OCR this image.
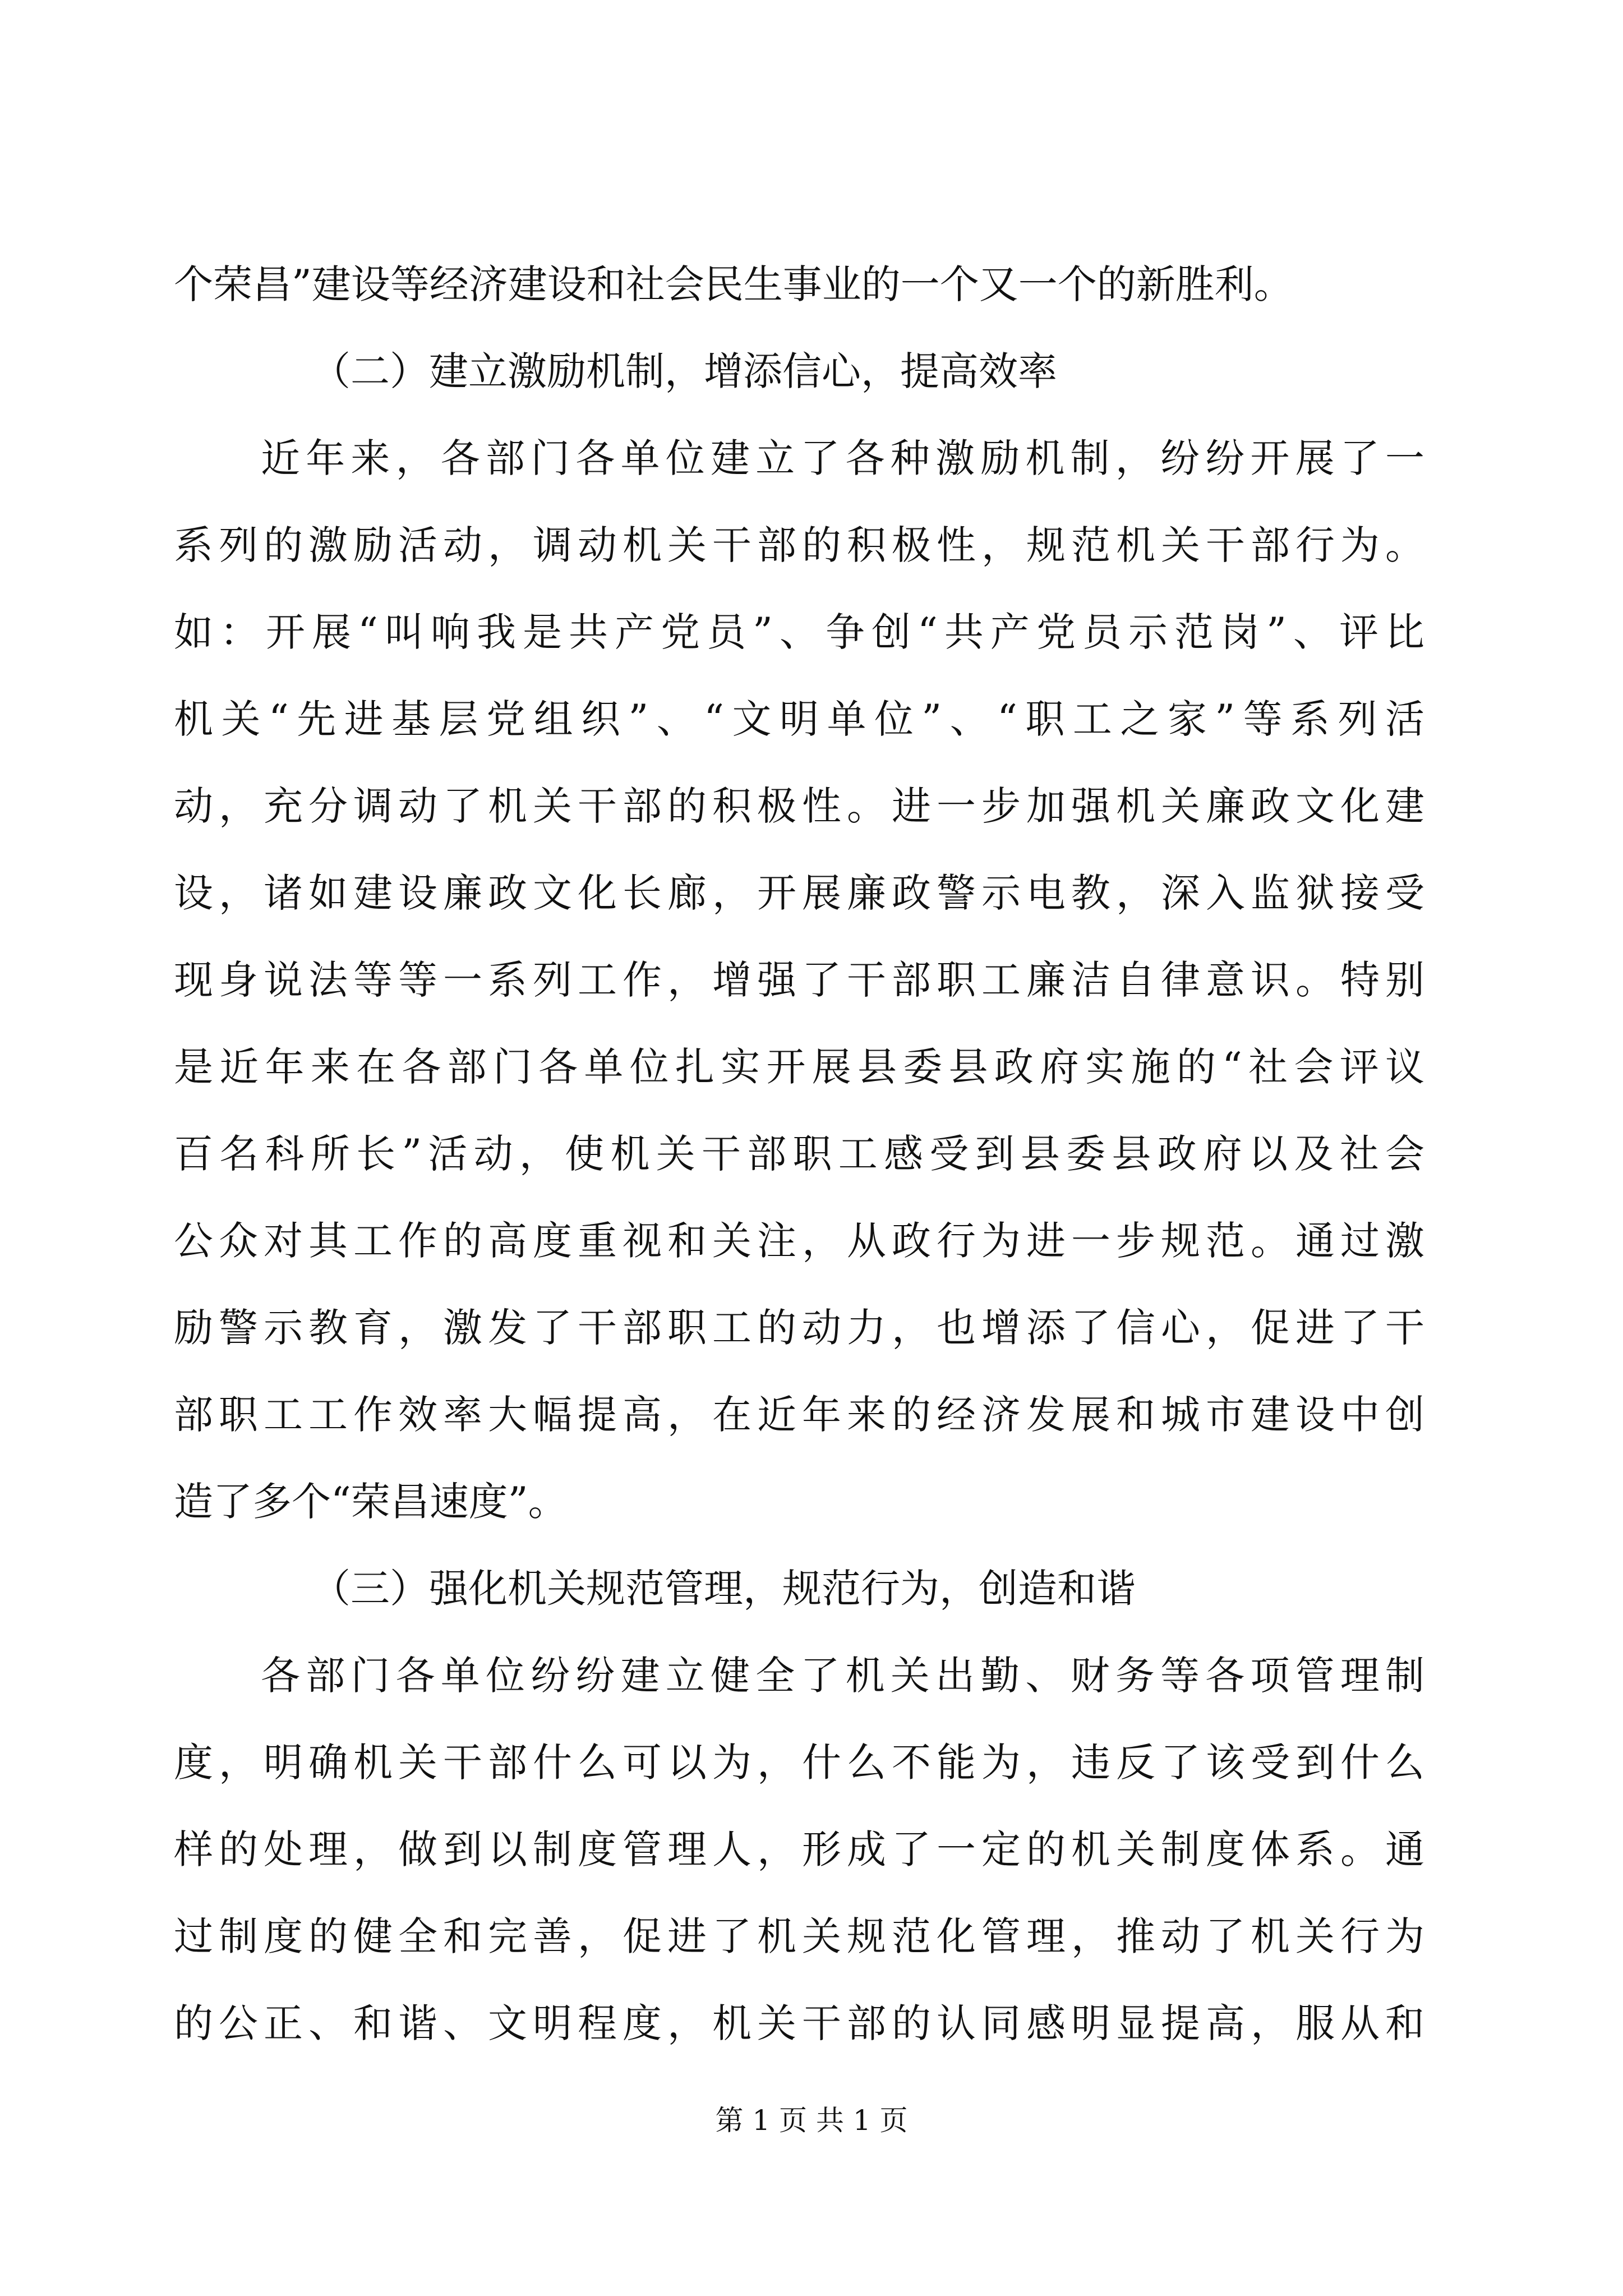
个荣昌”建设等经济建设和社会民生事业的一个又一个的新胜利。
（二）建立激励机制，增添信心，提高效率
近年来，各部门各单位建立了各种激励机制，纷纷开展了一
系列的激励活动，调动机关干部的积极性，规范机关干部行为。
如：开展“叫响我是共产党员”、争创“共产党员示范岗”、评比
机关“先进基层党组织”、“文明单位”、“职工之家”等系列活
动，充分调动了机关干部的积极性。进一步加强机关廉政文化建
设，诸如建设廉政文化长廊，开展廉政警示电教，深入监狱接受
现身说法等等一系列工作，增强了干部职工廉洁自律意识。特别
是近年来在各部门各单位扎实开展县委县政府实施的“社会评议
百名科所长”活动，使机关干部职工感受到县委县政府以及社会
公众对其工作的高度重视和关注，从政行为进一步规范。通过激
励警示教育，激发了干部职工的动力，也增添了信心，促进了干
部职工工作效率大幅提高，在近年来的经济发展和城市建设中创
造了多个“荣昌速度”。
（三）强化机关规范管理，规范行为，创造和谐
各部门各单位纷纷建立健全了机关出勤、财务等各项管理制
度，明确机关干部什么可以为，什么不能为，违反了该受到什么
样的处理，做到以制度管理人，形成了一定的机关制度体系。通
过制度的健全和完善，促进了机关规范化管理，推动了机关行为
的公正、和谐、文明程度，机关干部的认同感明显提高，服从和
第 1 页 共 1 页
